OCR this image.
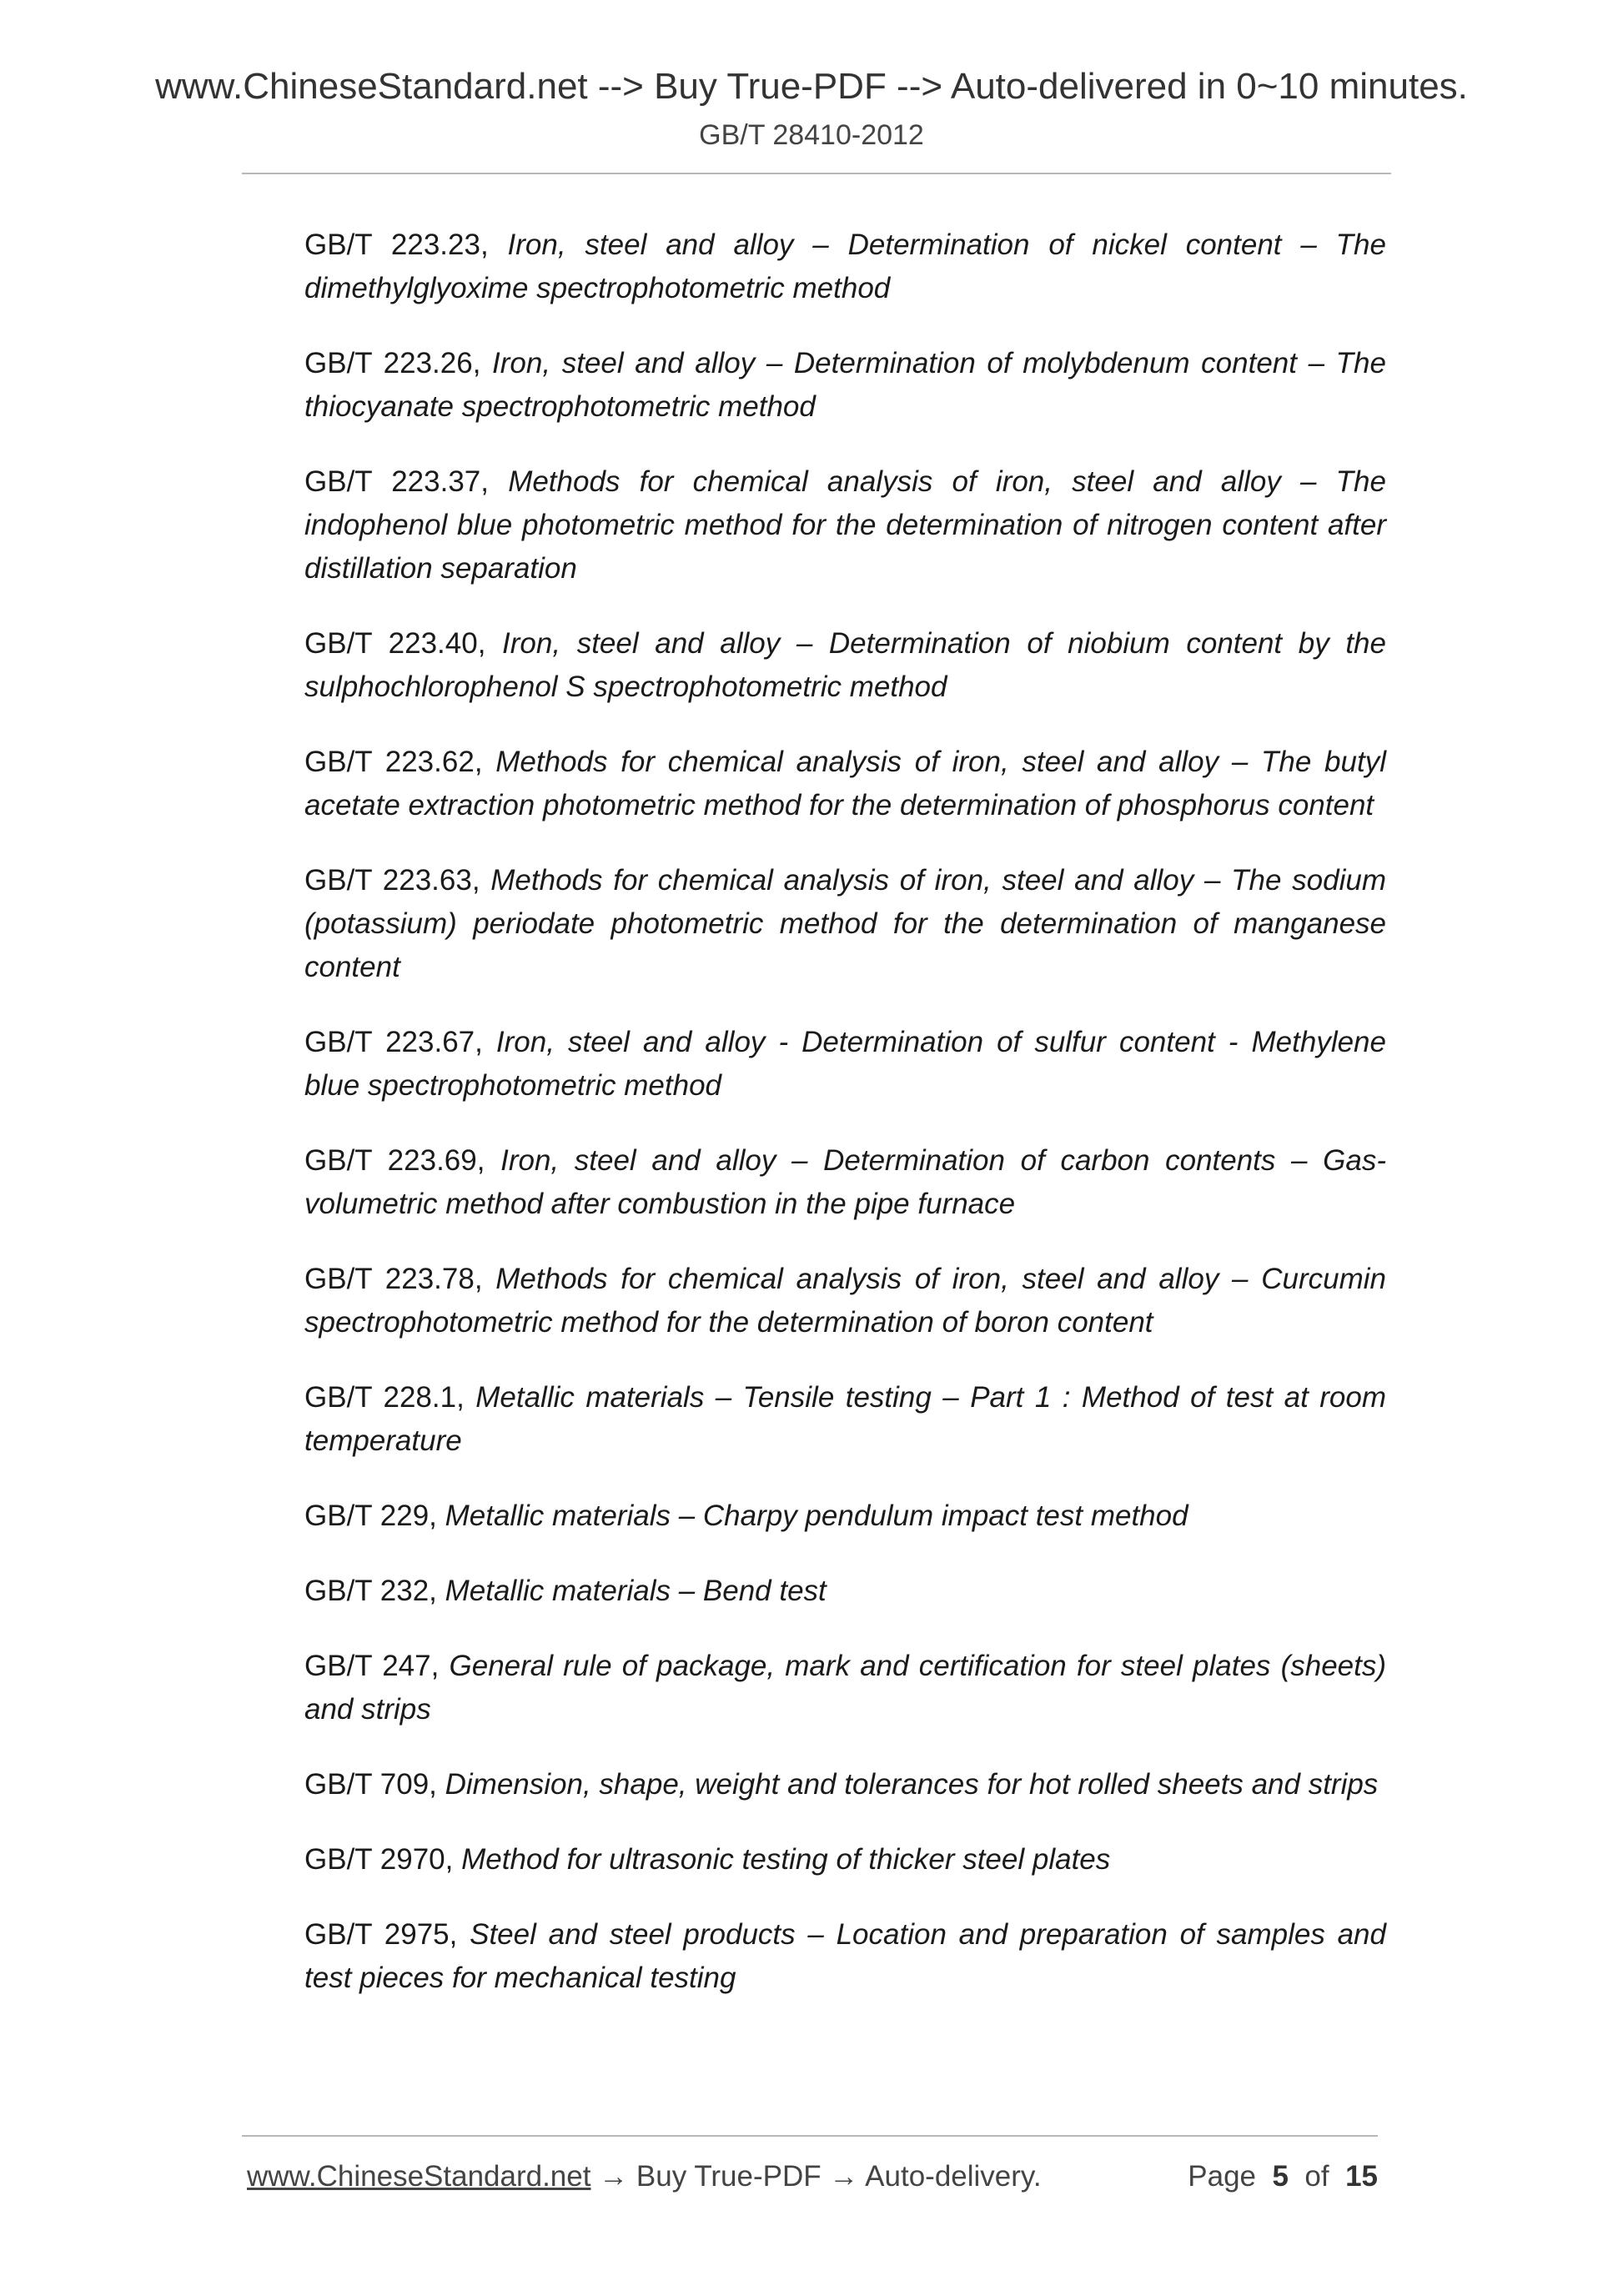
www.ChineseStandard.net --> Buy True-PDF --> Auto-delivered in 0~10 minutes.
GB/T 28410-2012

GB/T 223.23, Iron, steel and alloy – Determination of nickel content – The dimethylglyoxime spectrophotometric method

GB/T 223.26, Iron, steel and alloy – Determination of molybdenum content – The thiocyanate spectrophotometric method

GB/T 223.37, Methods for chemical analysis of iron, steel and alloy – The indophenol blue photometric method for the determination of nitrogen content after distillation separation

GB/T 223.40, Iron, steel and alloy – Determination of niobium content by the sulphochlorophenol S spectrophotometric method

GB/T 223.62, Methods for chemical analysis of iron, steel and alloy – The butyl acetate extraction photometric method for the determination of phosphorus content

GB/T 223.63, Methods for chemical analysis of iron, steel and alloy – The sodium (potassium) periodate photometric method for the determination of manganese content

GB/T 223.67, Iron, steel and alloy - Determination of sulfur content - Methylene blue spectrophotometric method

GB/T 223.69, Iron, steel and alloy – Determination of carbon contents – Gas-volumetric method after combustion in the pipe furnace

GB/T 223.78, Methods for chemical analysis of iron, steel and alloy – Curcumin spectrophotometric method for the determination of boron content

GB/T 228.1, Metallic materials – Tensile testing – Part 1 : Method of test at room temperature

GB/T 229, Metallic materials – Charpy pendulum impact test method

GB/T 232, Metallic materials – Bend test

GB/T 247, General rule of package, mark and certification for steel plates (sheets) and strips

GB/T 709, Dimension, shape, weight and tolerances for hot rolled sheets and strips

GB/T 2970, Method for ultrasonic testing of thicker steel plates

GB/T 2975, Steel and steel products – Location and preparation of samples and test pieces for mechanical testing

www.ChineseStandard.net → Buy True-PDF → Auto-delivery.	Page 5 of 15
